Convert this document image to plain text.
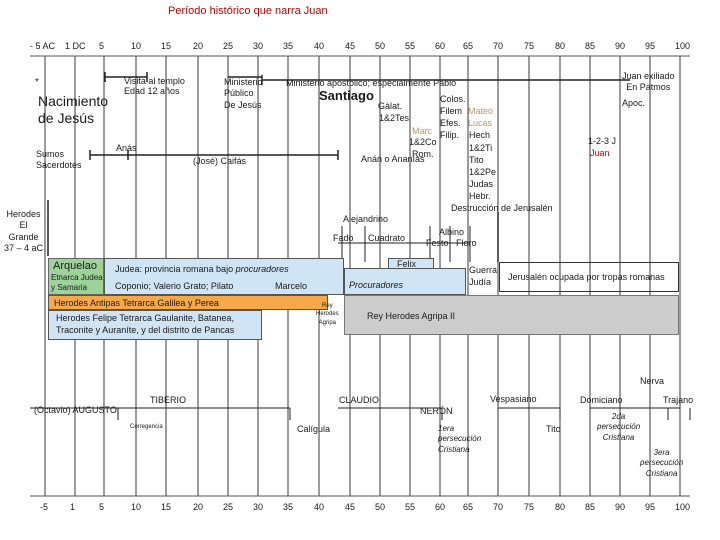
Período histórico que narra Juan
- 5 AC 1 DC 5	10 15 20 25 30 35 40 45 50 55 60 65 70 75 80 85 90 95 100
-5 1	5	10 15 20 25 30 35 40 45 50 55 60 65 70 75 80 85 90 95 100
*
Nacimiento
de Jesús
Visita al templo
Edad 12 años
Ministerio
Público
De Jesús
Ministerio apostólico; especialmente Pablo
Santiago
Gálat.
1&2Tes
Marc
1&2Co
Rom.
Colos.
Filem
Efes.
Filip.
Mateo
Lucas
Hech
1&2Ti
Tito
1&2Pe
Judas
Hebr.
Destrucción de Jerusalén
Apoc.
1-2-3 J
Juan
Juan exiliado
En Patmos
Sumos
Sacerdotes
Anás
(José) Caifás	Anán o Ananías
Herodes
El
Grande
37 – 4 aC
Alejandrino
Fado Cuadrato
Albino
Festo Floro
Arquelao
Etnarca Judea
y Samaria
Judea: provincia romana bajo procuradores
Coponio; Valerio Grato; Pilato	Marcelo	Procuradores
Felix
Guerra
Judía	Jerusalén ocupada por tropas romanas
Herodes Antipas Tetrarca Galilea y Perea
Herodes Felipe Tetrarca Gaulanite, Batanea,
Traconite y Auraníte, y del distrito de Pancas
Rey
Herodes
Agripa
Rey Herodes Agripa II
(Octavio) AUGUSTO
Corregencia
TIBERIO
Calígula
CLAUDIO
NERÓN
Vespasiano
Tito
Domiciano
Nerva
Trajano
1era
persecución
Cristiana
2da
persecución
Cristiana
3era
persecución
Cristiana
